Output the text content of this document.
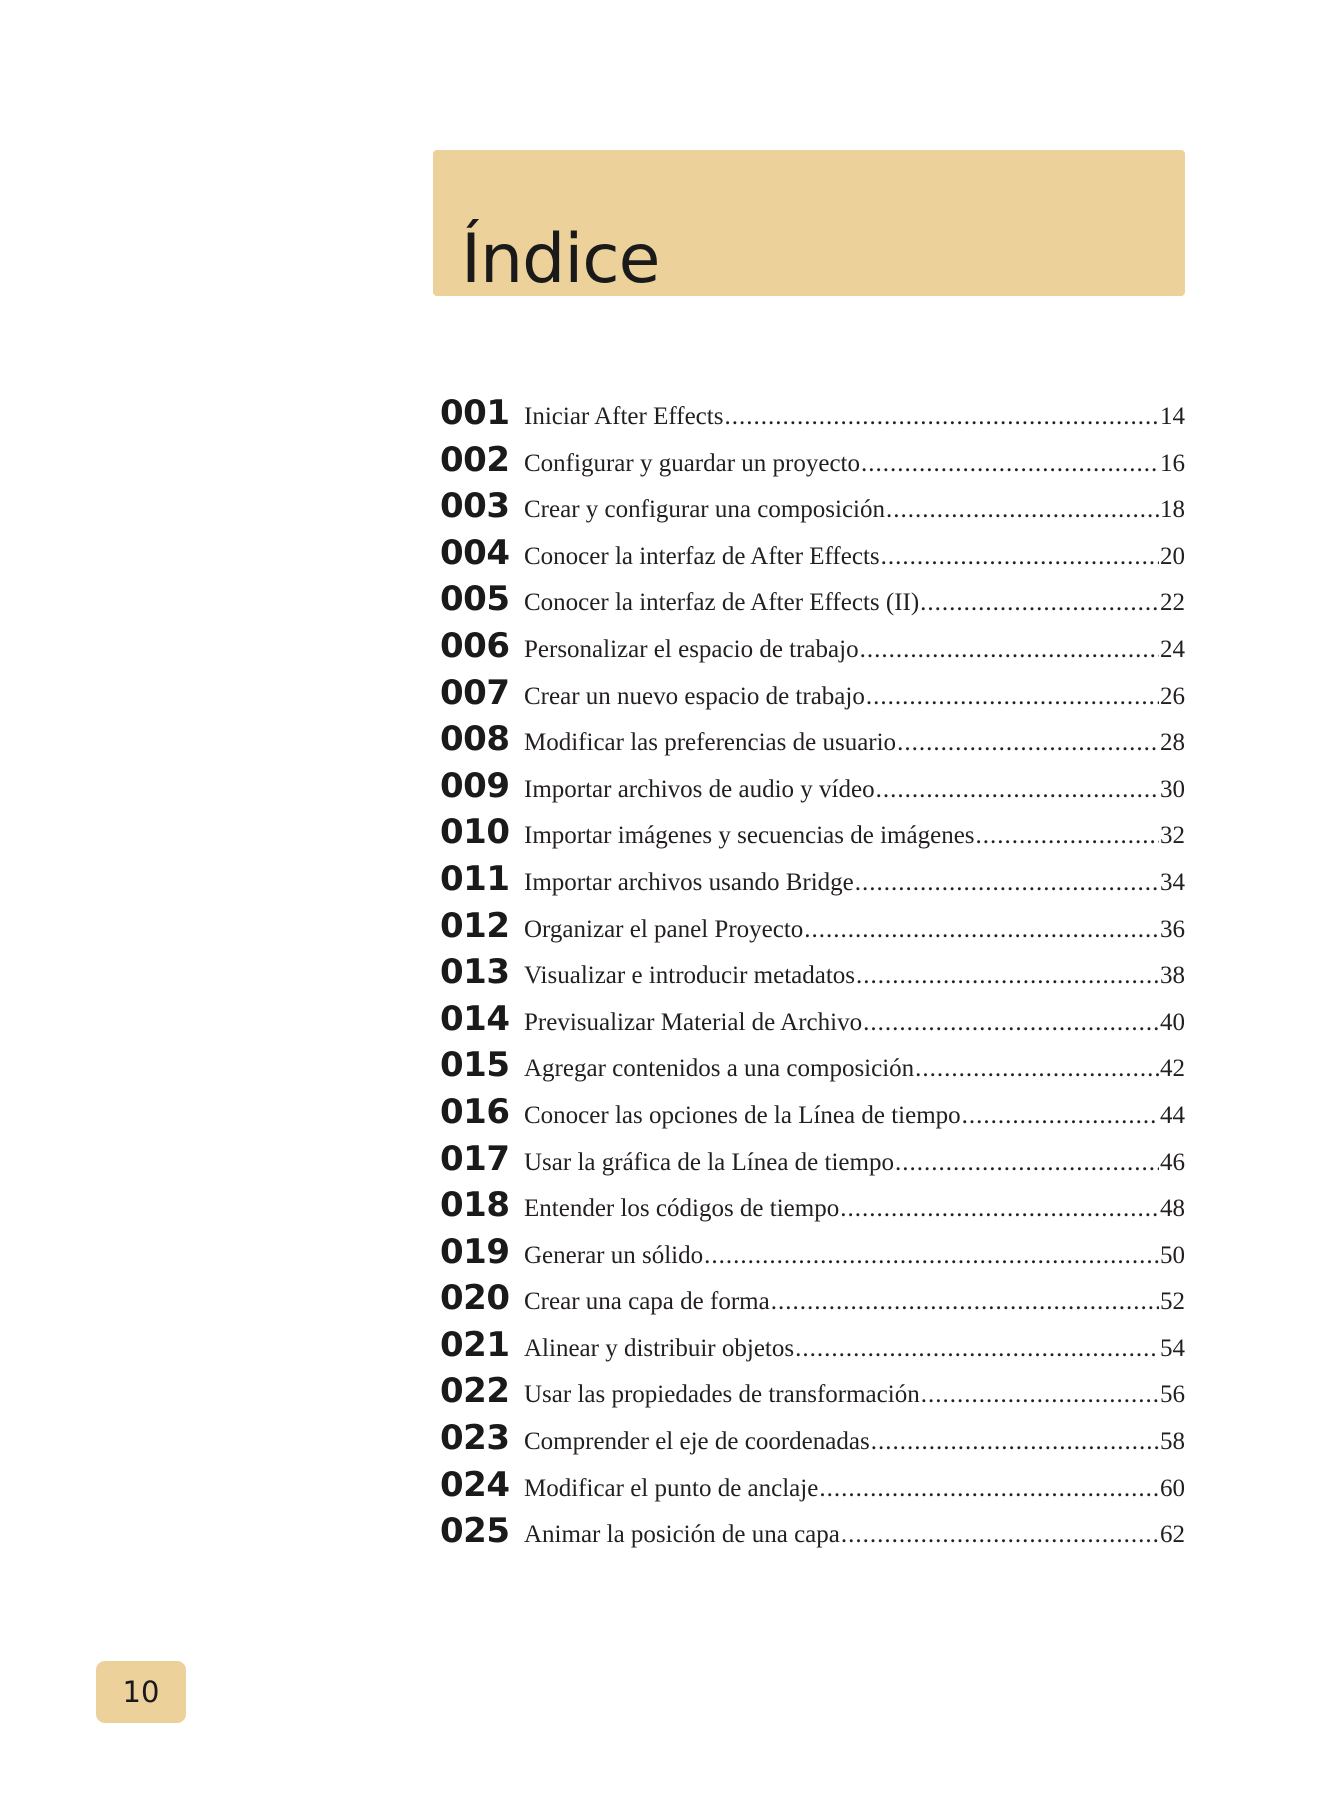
Índice
001 Iniciar After Effects .....	14
002 Configurar y guardar un proyecto .....	16
003 Crear y configurar una composición .....	18
004 Conocer la interfaz de After Effects .....	20
005 Conocer la interfaz de After Effects (II) .....	22
006 Personalizar el espacio de trabajo .....	24
007 Crear un nuevo espacio de trabajo .....	26
008 Modificar las preferencias de usuario .....	28
009 Importar archivos de audio y vídeo .....	30
010 Importar imágenes y secuencias de imágenes .....	32
011 Importar archivos usando Bridge .....	34
012 Organizar el panel Proyecto .....	36
013 Visualizar e introducir metadatos .....	38
014 Previsualizar Material de Archivo .....	40
015 Agregar contenidos a una composición .....	42
016 Conocer las opciones de la Línea de tiempo .....	44
017 Usar la gráfica de la Línea de tiempo .....	46
018 Entender los códigos de tiempo .....	48
019 Generar un sólido .....	50
020 Crear una capa de forma .....	52
021 Alinear y distribuir objetos .....	54
022 Usar las propiedades de transformación .....	56
023 Comprender el eje de coordenadas .....	58
024 Modificar el punto de anclaje .....	60
025 Animar la posición de una capa .....	62
10
